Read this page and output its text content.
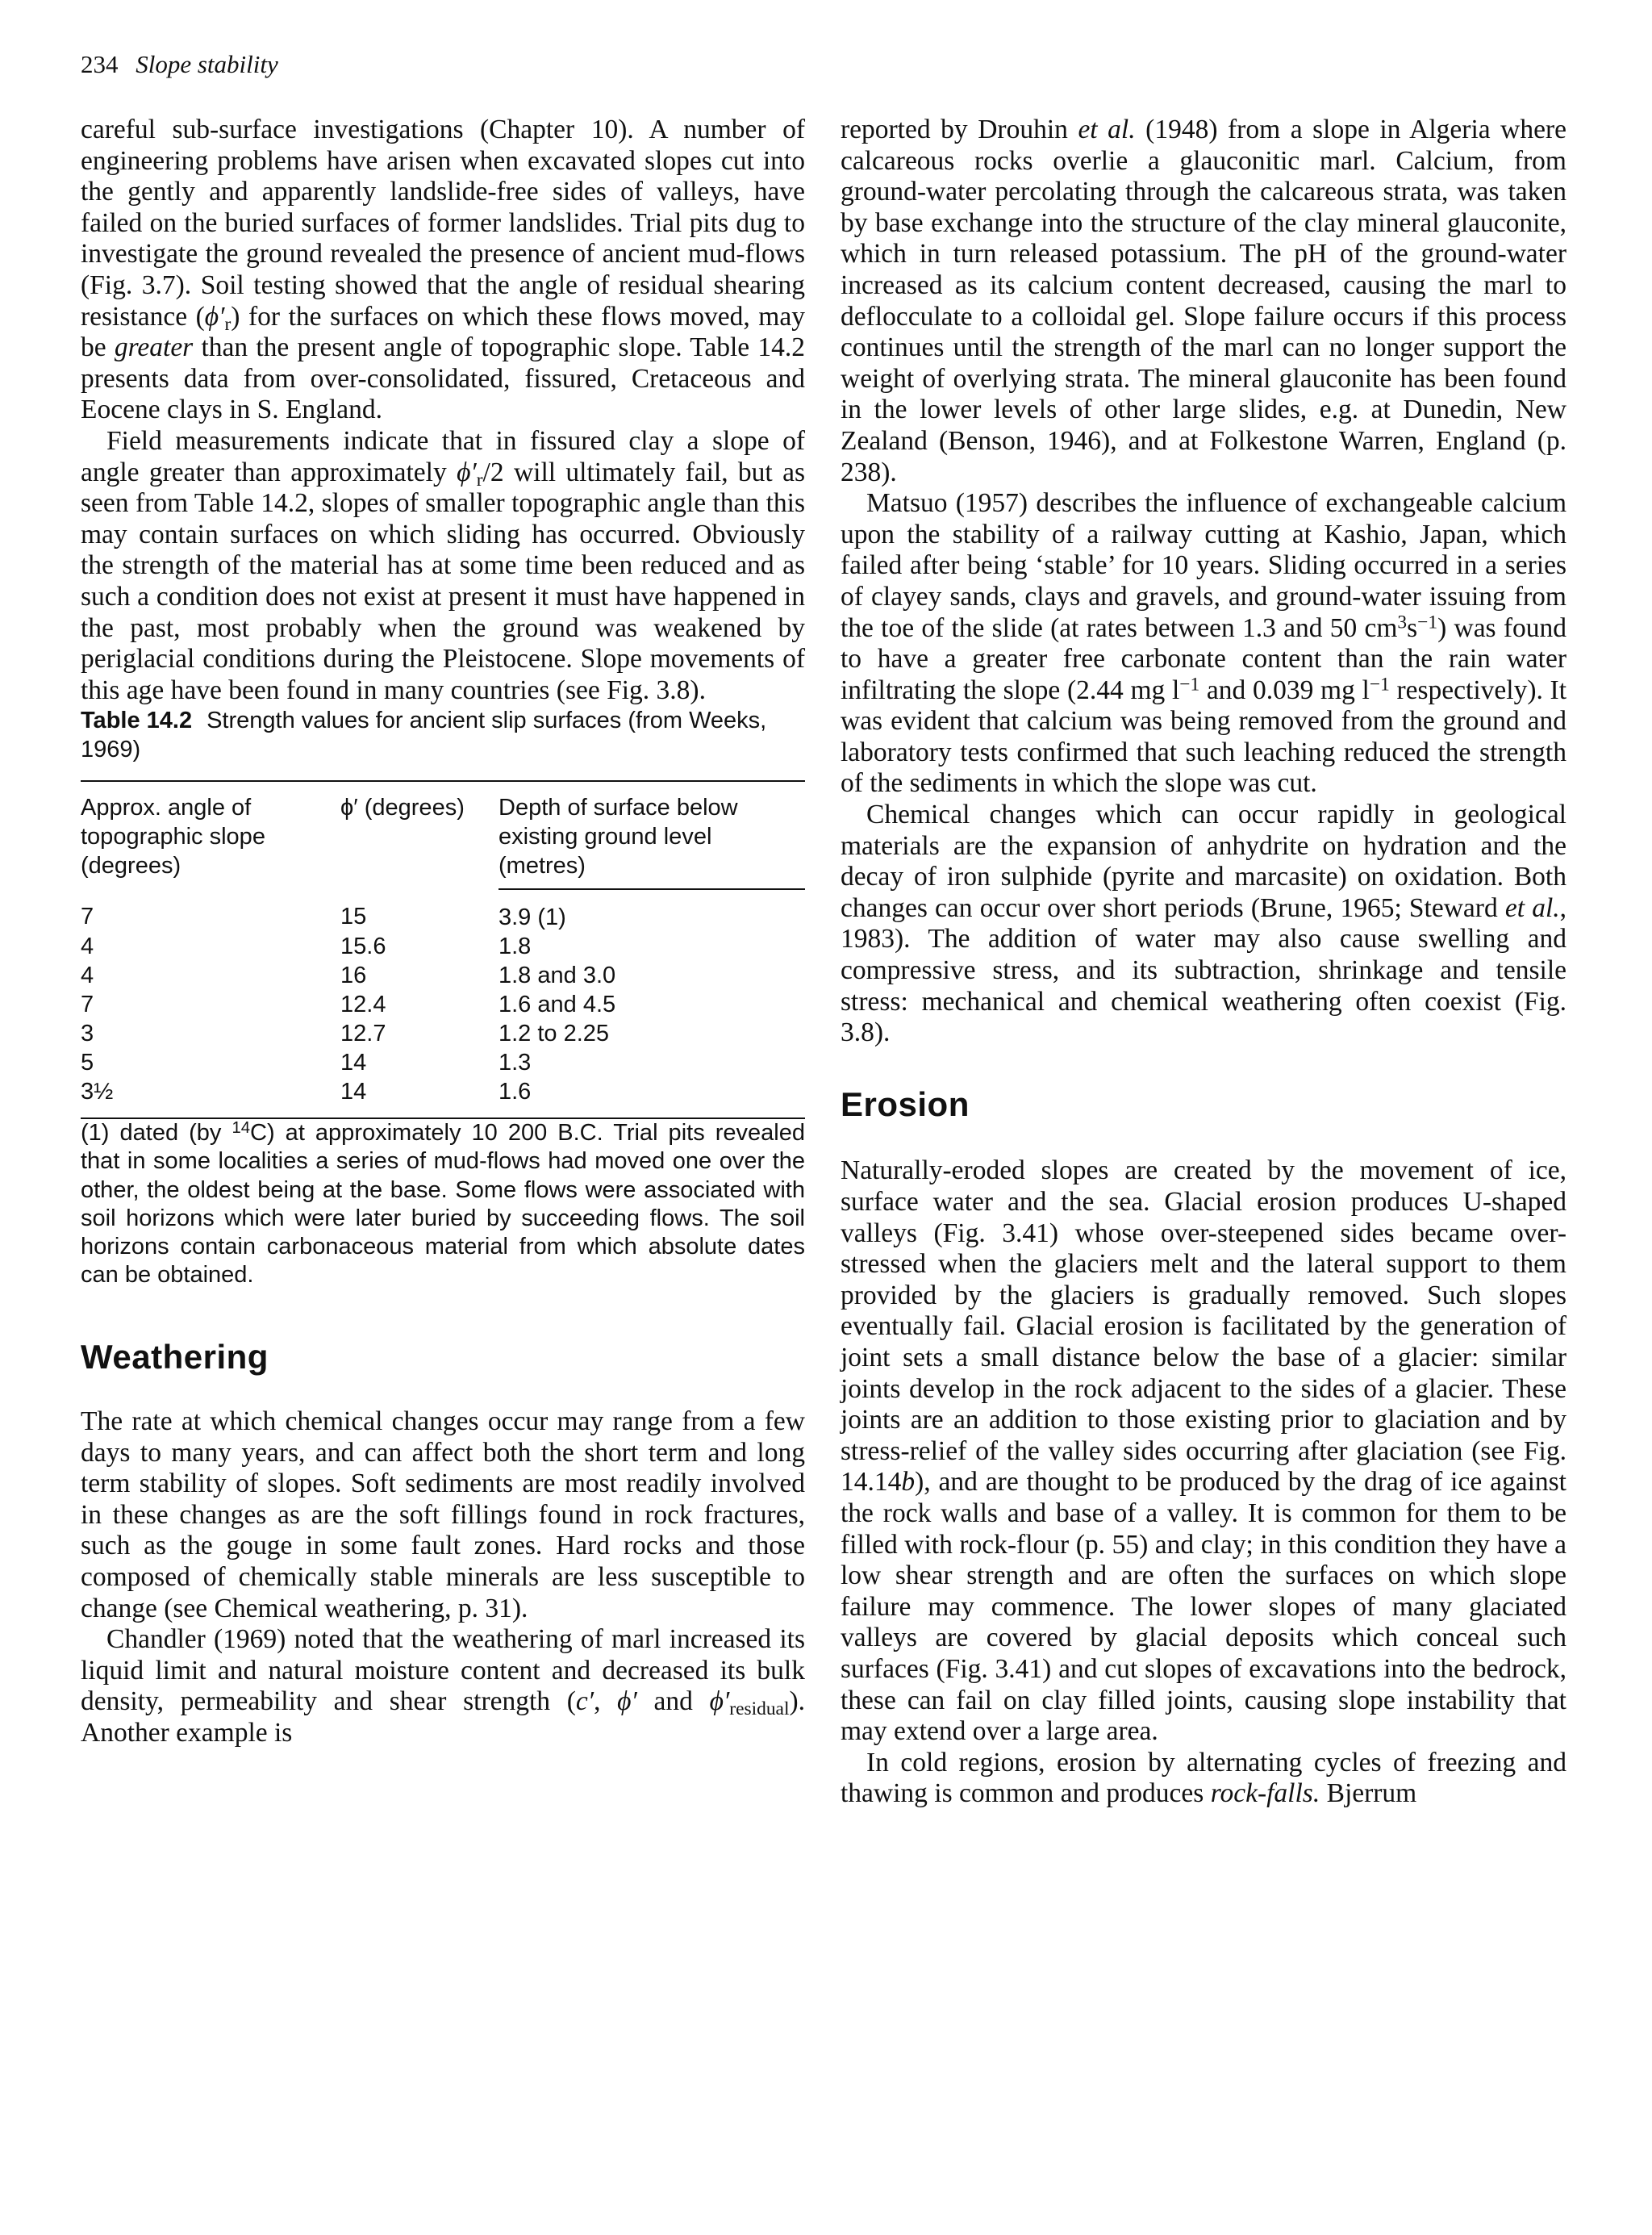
234 Slope stability

careful sub-surface investigations (Chapter 10). A number of engineering problems have arisen when excavated slopes cut into the gently and apparently landslide-free sides of valleys, have failed on the buried surfaces of former landslides. Trial pits dug to investigate the ground revealed the presence of ancient mud-flows (Fig. 3.7). Soil testing showed that the angle of residual shearing resistance $(\phi'_r)$ for the surfaces on which these flows moved, may be greater than the present angle of topographic slope. Table 14.2 presents data from over-consolidated, fissured, Cretaceous and Eocene clays in S. England.

Field measurements indicate that in fissured clay a slope of angle greater than approximately $\phi'_r/2$ will ultimately fail, but as seen from Table 14.2, slopes of smaller topographic angle than this may contain surfaces on which sliding has occurred. Obviously the strength of the material has at some time been reduced and as such a condition does not exist at present it must have happened in the past, most probably when the ground was weakened by periglacial conditions during the Pleistocene. Slope movements of this age have been found in many countries (see Fig. 3.8).

Table 14.2 Strength values for ancient slip surfaces (from Weeks, 1969)

Approx. angle of topographic slope (degrees)	ϕ′ (degrees)	Depth of surface below existing ground level (metres)
7	15	3.9 (1)
4	15.6	1.8
4	16	1.8 and 3.0
7	12.4	1.6 and 4.5
3	12.7	1.2 to 2.25
5	14	1.3
3½	14	1.6

(1) dated (by $^{14}$C) at approximately 10 200 B.C. Trial pits revealed that in some localities a series of mud-flows had moved one over the other, the oldest being at the base. Some flows were associated with soil horizons which were later buried by succeeding flows. The soil horizons contain carbonaceous material from which absolute dates can be obtained.

Weathering

The rate at which chemical changes occur may range from a few days to many years, and can affect both the short term and long term stability of slopes. Soft sediments are most readily involved in these changes as are the soft fillings found in rock fractures, such as the gouge in some fault zones. Hard rocks and those composed of chemically stable minerals are less susceptible to change (see Chemical weathering, p. 31).

Chandler (1969) noted that the weathering of marl increased its liquid limit and natural moisture content and decreased its bulk density, permeability and shear strength (c′, ϕ′ and $\phi'_{residual}$). Another example is

reported by Drouhin et al. (1948) from a slope in Algeria where calcareous rocks overlie a glauconitic marl. Calcium, from ground-water percolating through the calcareous strata, was taken by base exchange into the structure of the clay mineral glauconite, which in turn released potassium. The pH of the ground-water increased as its calcium content decreased, causing the marl to deflocculate to a colloidal gel. Slope failure occurs if this process continues until the strength of the marl can no longer support the weight of overlying strata. The mineral glauconite has been found in the lower levels of other large slides, e.g. at Dunedin, New Zealand (Benson, 1946), and at Folkestone Warren, England (p. 238).

Matsuo (1957) describes the influence of exchangeable calcium upon the stability of a railway cutting at Kashio, Japan, which failed after being ‘stable’ for 10 years. Sliding occurred in a series of clayey sands, clays and gravels, and ground-water issuing from the toe of the slide (at rates between 1.3 and 50 $cm^3s^{-1}$) was found to have a greater free carbonate content than the rain water infiltrating the slope (2.44 mg $l^{-1}$ and 0.039 mg $l^{-1}$ respectively). It was evident that calcium was being removed from the ground and laboratory tests confirmed that such leaching reduced the strength of the sediments in which the slope was cut.

Chemical changes which can occur rapidly in geological materials are the expansion of anhydrite on hydration and the decay of iron sulphide (pyrite and marcasite) on oxidation. Both changes can occur over short periods (Brune, 1965; Steward et al., 1983). The addition of water may also cause swelling and compressive stress, and its subtraction, shrinkage and tensile stress: mechanical and chemical weathering often coexist (Fig. 3.8).

Erosion

Naturally-eroded slopes are created by the movement of ice, surface water and the sea. Glacial erosion produces U-shaped valleys (Fig. 3.41) whose over-steepened sides became over-stressed when the glaciers melt and the lateral support to them provided by the glaciers is gradually removed. Such slopes eventually fail. Glacial erosion is facilitated by the generation of joint sets a small distance below the base of a glacier: similar joints develop in the rock adjacent to the sides of a glacier. These joints are an addition to those existing prior to glaciation and by stress-relief of the valley sides occurring after glaciation (see Fig. 14.14b), and are thought to be produced by the drag of ice against the rock walls and base of a valley. It is common for them to be filled with rock-flour (p. 55) and clay; in this condition they have a low shear strength and are often the surfaces on which slope failure may commence. The lower slopes of many glaciated valleys are covered by glacial deposits which conceal such surfaces (Fig. 3.41) and cut slopes of excavations into the bedrock, these can fail on clay filled joints, causing slope instability that may extend over a large area.

In cold regions, erosion by alternating cycles of freezing and thawing is common and produces rock-falls. Bjerrum
